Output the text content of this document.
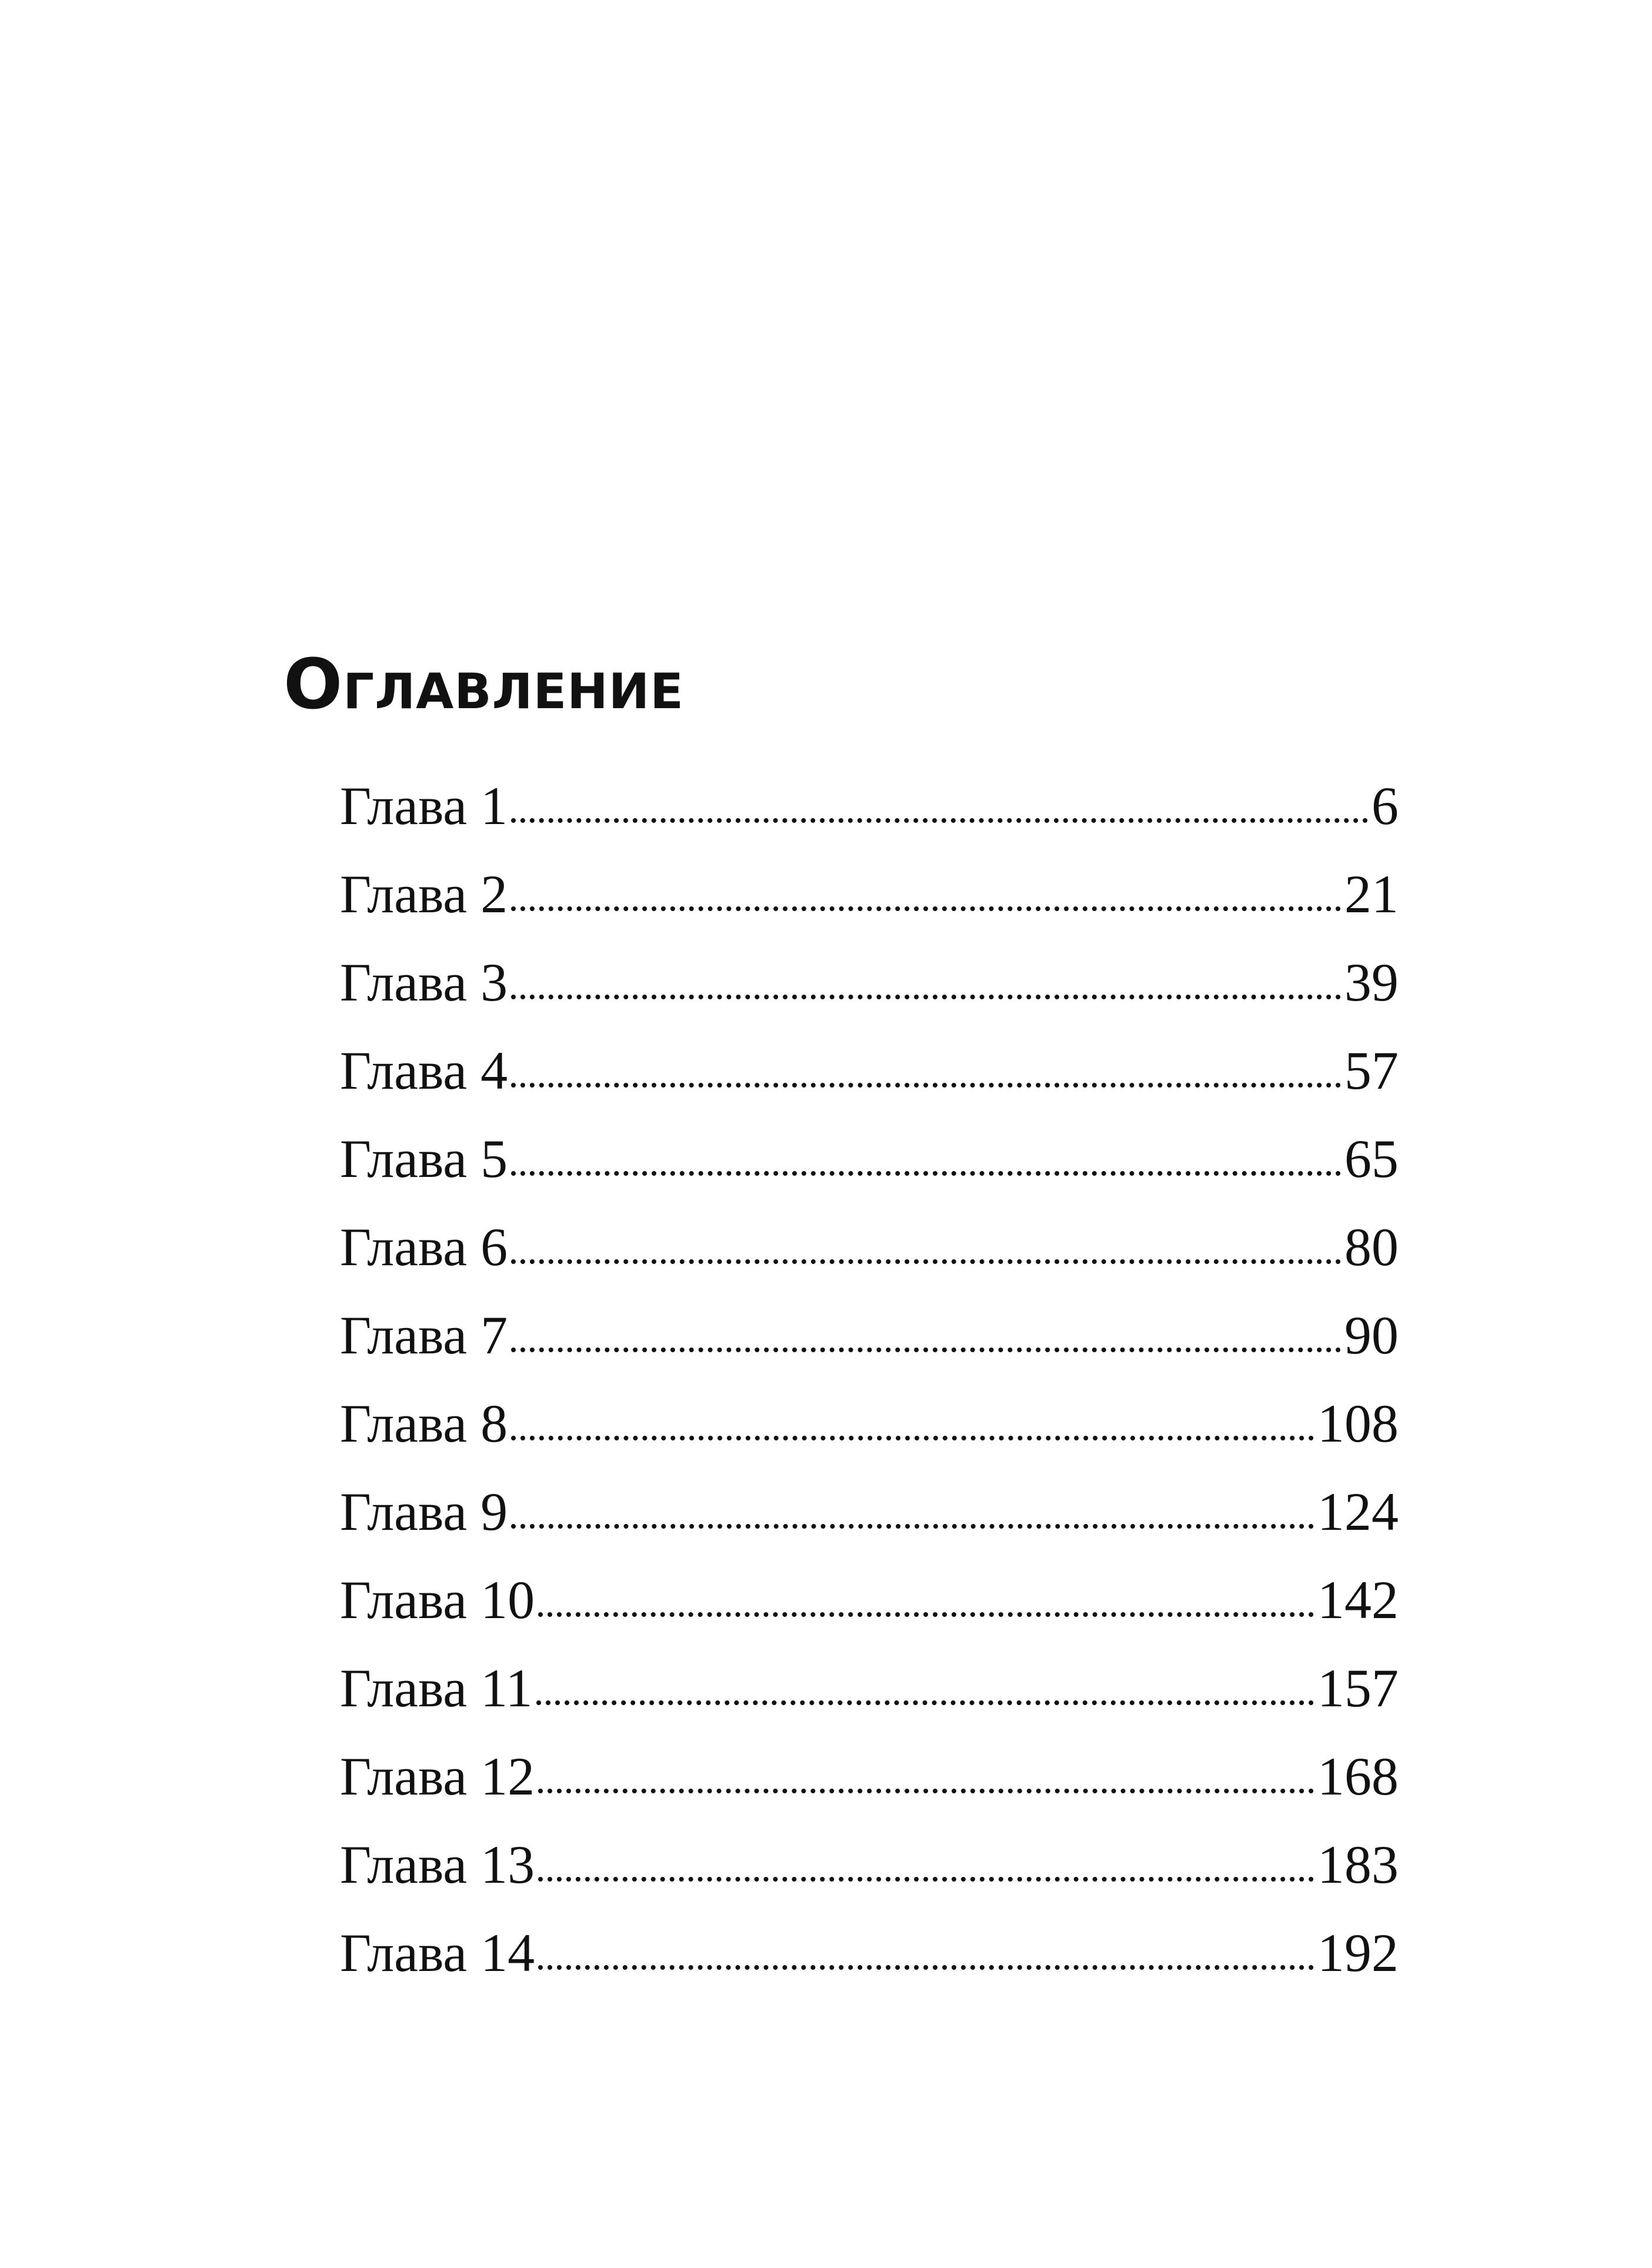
Оглавление
Глава 1	6
Глава 2	21
Глава 3	39
Глава 4	57
Глава 5	65
Глава 6	80
Глава 7	90
Глава 8	108
Глава 9	124
Глава 10	142
Глава 11	157
Глава 12	168
Глава 13	183
Глава 14	192
